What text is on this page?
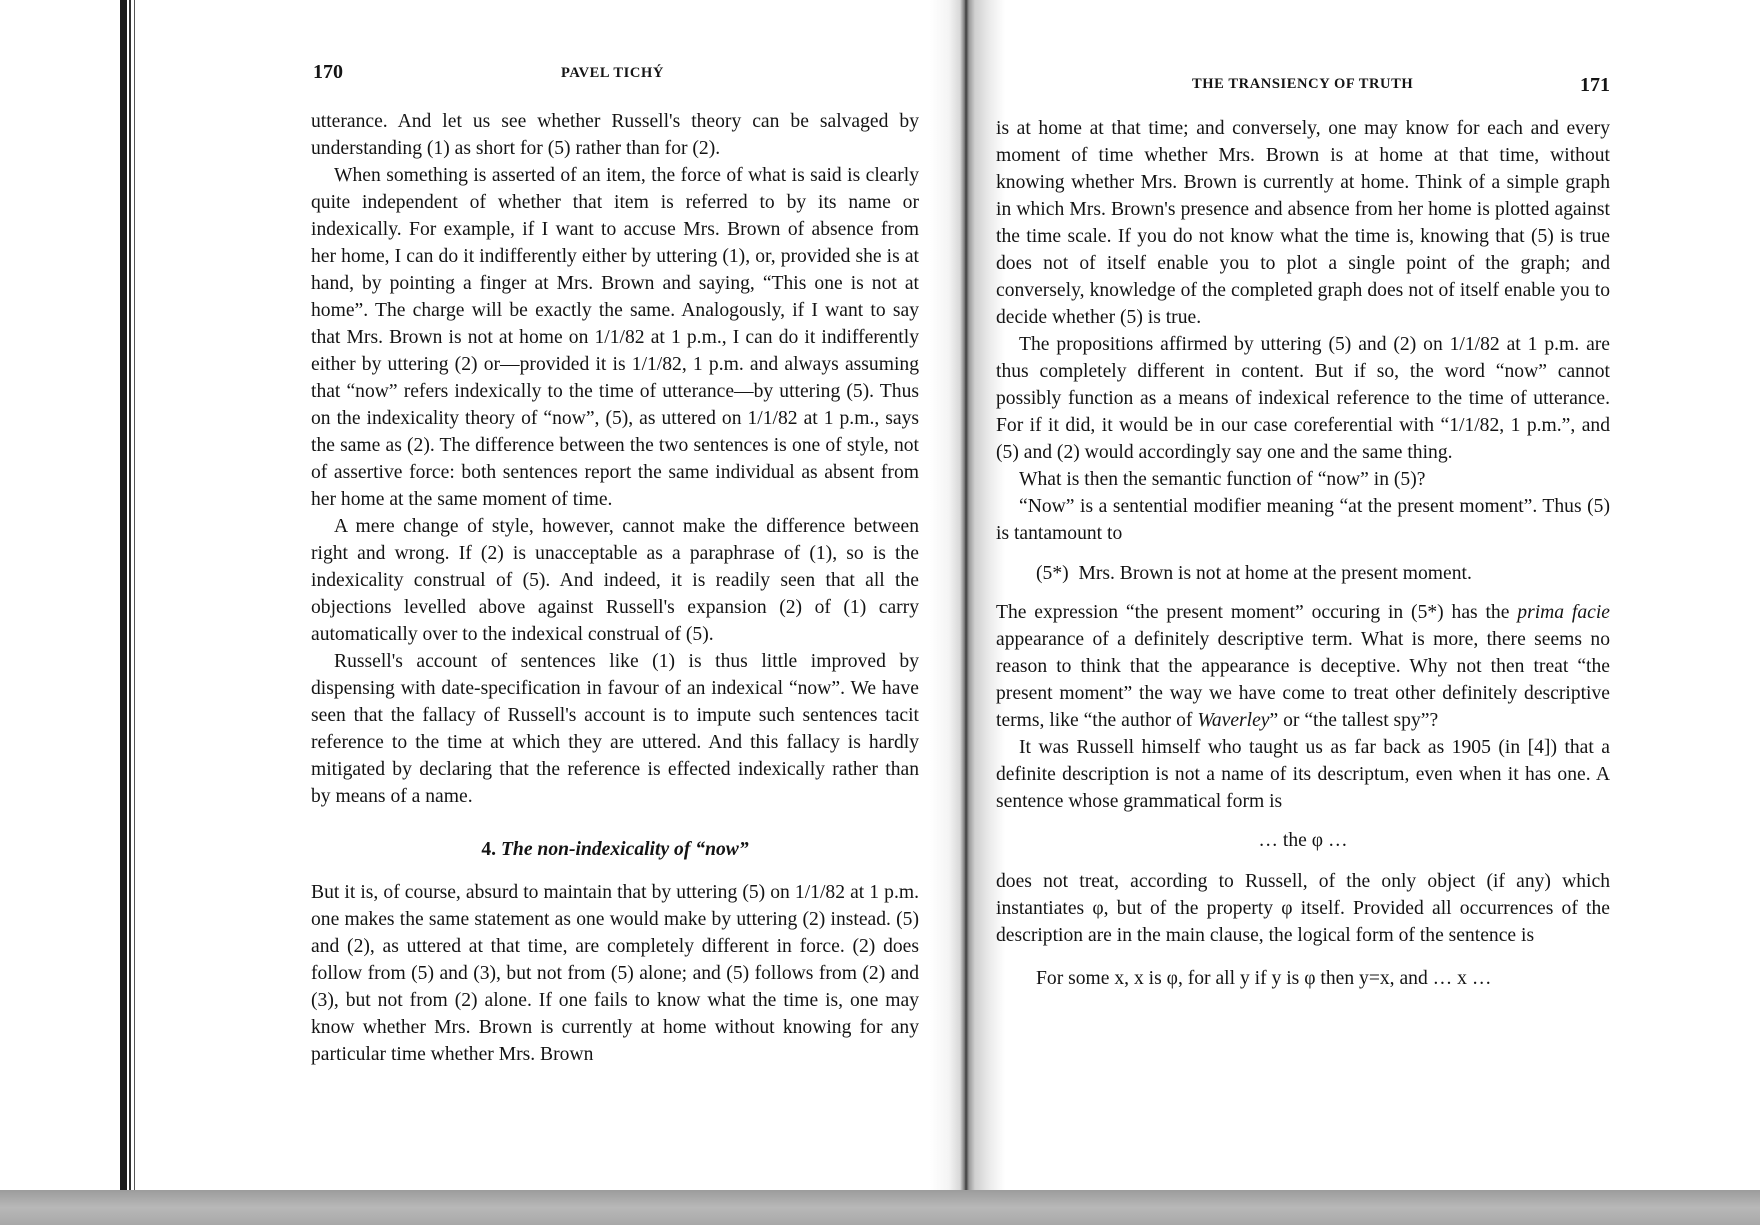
170	PAVEL TICHÝ

utterance. And let us see whether Russell's theory can be salvaged by understanding (1) as short for (5) rather than for (2).

When something is asserted of an item, the force of what is said is clearly quite independent of whether that item is referred to by its name or indexically. For example, if I want to accuse Mrs. Brown of absence from her home, I can do it indifferently either by uttering (1), or, provided she is at hand, by pointing a finger at Mrs. Brown and saying, “This one is not at home”. The charge will be exactly the same. Analogously, if I want to say that Mrs. Brown is not at home on 1/1/82 at 1 p.m., I can do it indifferently either by uttering (2) or—provided it is 1/1/82, 1 p.m. and always assuming that “now” refers indexically to the time of utterance—by uttering (5). Thus on the indexicality theory of “now”, (5), as uttered on 1/1/82 at 1 p.m., says the same as (2). The difference between the two sentences is one of style, not of assertive force: both sentences report the same individual as absent from her home at the same moment of time.

A mere change of style, however, cannot make the difference between right and wrong. If (2) is unacceptable as a paraphrase of (1), so is the indexicality construal of (5). And indeed, it is readily seen that all the objections levelled above against Russell's expansion (2) of (1) carry automatically over to the indexical construal of (5).

Russell's account of sentences like (1) is thus little improved by dispensing with date-specification in favour of an indexical “now”. We have seen that the fallacy of Russell's account is to impute such sentences tacit reference to the time at which they are uttered. And this fallacy is hardly mitigated by declaring that the reference is effected indexically rather than by means of a name.

4. The non-indexicality of “now”

But it is, of course, absurd to maintain that by uttering (5) on 1/1/82 at 1 p.m. one makes the same statement as one would make by uttering (2) instead. (5) and (2), as uttered at that time, are completely different in force. (2) does follow from (5) and (3), but not from (5) alone; and (5) follows from (2) and (3), but not from (2) alone. If one fails to know what the time is, one may know whether Mrs. Brown is currently at home without knowing for any particular time whether Mrs. Brown

THE TRANSIENCY OF TRUTH	171

is at home at that time; and conversely, one may know for each and every moment of time whether Mrs. Brown is at home at that time, without knowing whether Mrs. Brown is currently at home. Think of a simple graph in which Mrs. Brown's presence and absence from her home is plotted against the time scale. If you do not know what the time is, knowing that (5) is true does not of itself enable you to plot a single point of the graph; and conversely, knowledge of the completed graph does not of itself enable you to decide whether (5) is true.

The propositions affirmed by uttering (5) and (2) on 1/1/82 at 1 p.m. are thus completely different in content. But if so, the word “now” cannot possibly function as a means of indexical reference to the time of utterance. For if it did, it would be in our case coreferential with “1/1/82, 1 p.m.”, and (5) and (2) would accordingly say one and the same thing.

What is then the semantic function of “now” in (5)?

“Now” is a sentential modifier meaning “at the present moment”. Thus (5) is tantamount to

(5*) Mrs. Brown is not at home at the present moment.

The expression “the present moment” occuring in (5*) has the prima facie appearance of a definitely descriptive term. What is more, there seems no reason to think that the appearance is deceptive. Why not then treat “the present moment” the way we have come to treat other definitely descriptive terms, like “the author of Waverley” or “the tallest spy”?

It was Russell himself who taught us as far back as 1905 (in [4]) that a definite description is not a name of its descriptum, even when it has one. A sentence whose grammatical form is

… the φ …

does not treat, according to Russell, of the only object (if any) which instantiates φ, but of the property φ itself. Provided all occurrences of the description are in the main clause, the logical form of the sentence is

For some x, x is φ, for all y if y is φ then y=x, and … x …
